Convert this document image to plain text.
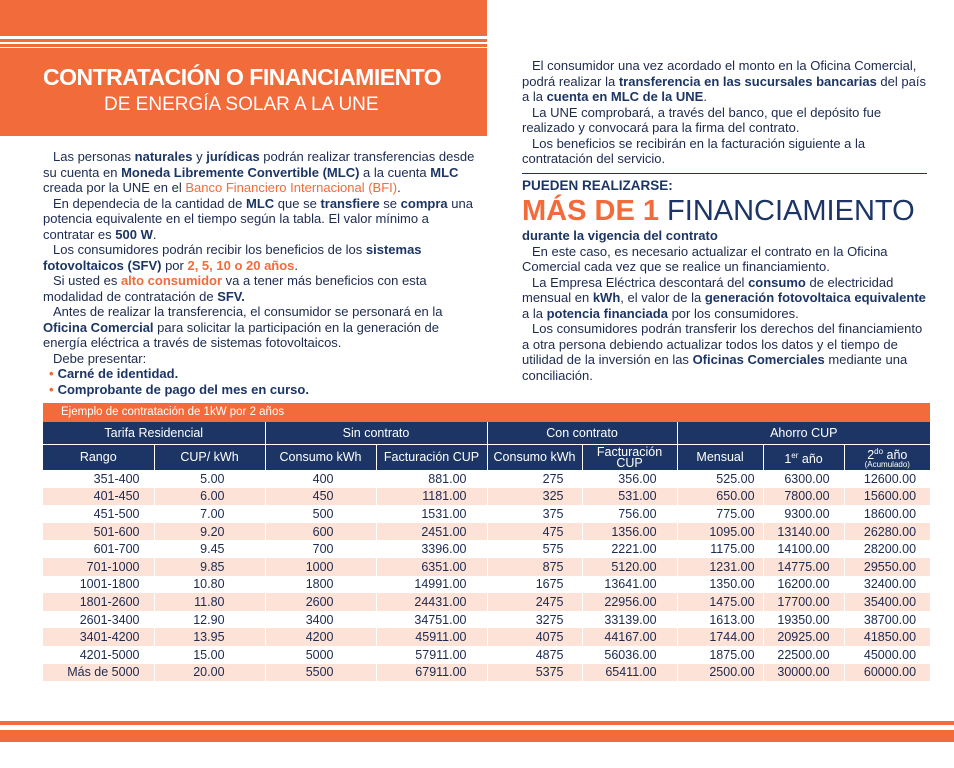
CONTRATACIÓN O FINANCIAMIENTO
DE ENERGÍA SOLAR A LA UNE

Las personas naturales y jurídicas podrán realizar transferencias desde su cuenta en Moneda Libremente Convertible (MLC) a la cuenta MLC creada por la UNE en el Banco Financiero Internacional (BFI).

En dependecia de la cantidad de MLC que se transfiere se compra una potencia equivalente en el tiempo según la tabla. El valor mínimo a contratar es 500 W.

Los consumidores podrán recibir los beneficios de los sistemas fotovoltaicos (SFV) por 2, 5, 10 o 20 años.

Si usted es alto consumidor va a tener más beneficios con esta modalidad de contratación de SFV.

Antes de realizar la transferencia, el consumidor se personará en la Oficina Comercial para solicitar la participación en la generación de energía eléctrica a través de sistemas fotovoltaicos.

Debe presentar:

• Carné de identidad.
• Comprobante de pago del mes en curso.

El consumidor una vez acordado el monto en la Oficina Comercial, podrá realizar la transferencia en las sucursales bancarias del país a la cuenta en MLC de la UNE.

La UNE comprobará, a través del banco, que el depósito fue realizado y convocará para la firma del contrato.

Los beneficios se recibirán en la facturación siguiente a la contratación del servicio.

PUEDEN REALIZARSE:
MÁS DE 1 FINANCIAMIENTO
durante la vigencia del contrato

En este caso, es necesario actualizar el contrato en la Oficina Comercial cada vez que se realice un financiamiento.

La Empresa Eléctrica descontará del consumo de electricidad mensual en kWh, el valor de la generación fotovoltaica equivalente a la potencia financiada por los consumidores.

Los consumidores podrán transferir los derechos del financiamiento a otra persona debiendo actualizar todos los datos y el tiempo de utilidad de la inversión en las Oficinas Comerciales mediante una conciliación.

Ejemplo de contratación de 1kW por 2 años
Tarifa Residencial		Sin contrato		Con contrato		Ahorro CUP		
Rango	CUP/ kWh	Consumo kWh	Facturación CUP	Consumo kWh	Facturación CUP	Mensual	1er año	$2^{do}$ año
(Acumulado)

351-400	5.00	400	881.00	275	356.00	525.00	6300.00	12600.00
401-450	6.00	450	1181.00	325	531.00	650.00	7800.00	15600.00
451-500	7.00	500	1531.00	375	756.00	775.00	9300.00	18600.00
501-600	9.20	600	2451.00	475	1356.00	1095.00	13140.00	26280.00
601-700	9.45	700	3396.00	575	2221.00	1175.00	14100.00	28200.00
701-1000	9.85	1000	6351.00	875	5120.00	1231.00	14775.00	29550.00
1001-1800	10.80	1800	14991.00	1675	13641.00	1350.00	16200.00	32400.00
1801-2600	11.80	2600	24431.00	2475	22956.00	1475.00	17700.00	35400.00
2601-3400	12.90	3400	34751.00	3275	33139.00	1613.00	19350.00	38700.00
3401-4200	13.95	4200	45911.00	4075	44167.00	1744.00	20925.00	41850.00
4201-5000	15.00	5000	57911.00	4875	56036.00	1875.00	22500.00	45000.00
Más de 5000	20.00	5500	67911.00	5375	65411.00	2500.00	30000.00	60000.00
